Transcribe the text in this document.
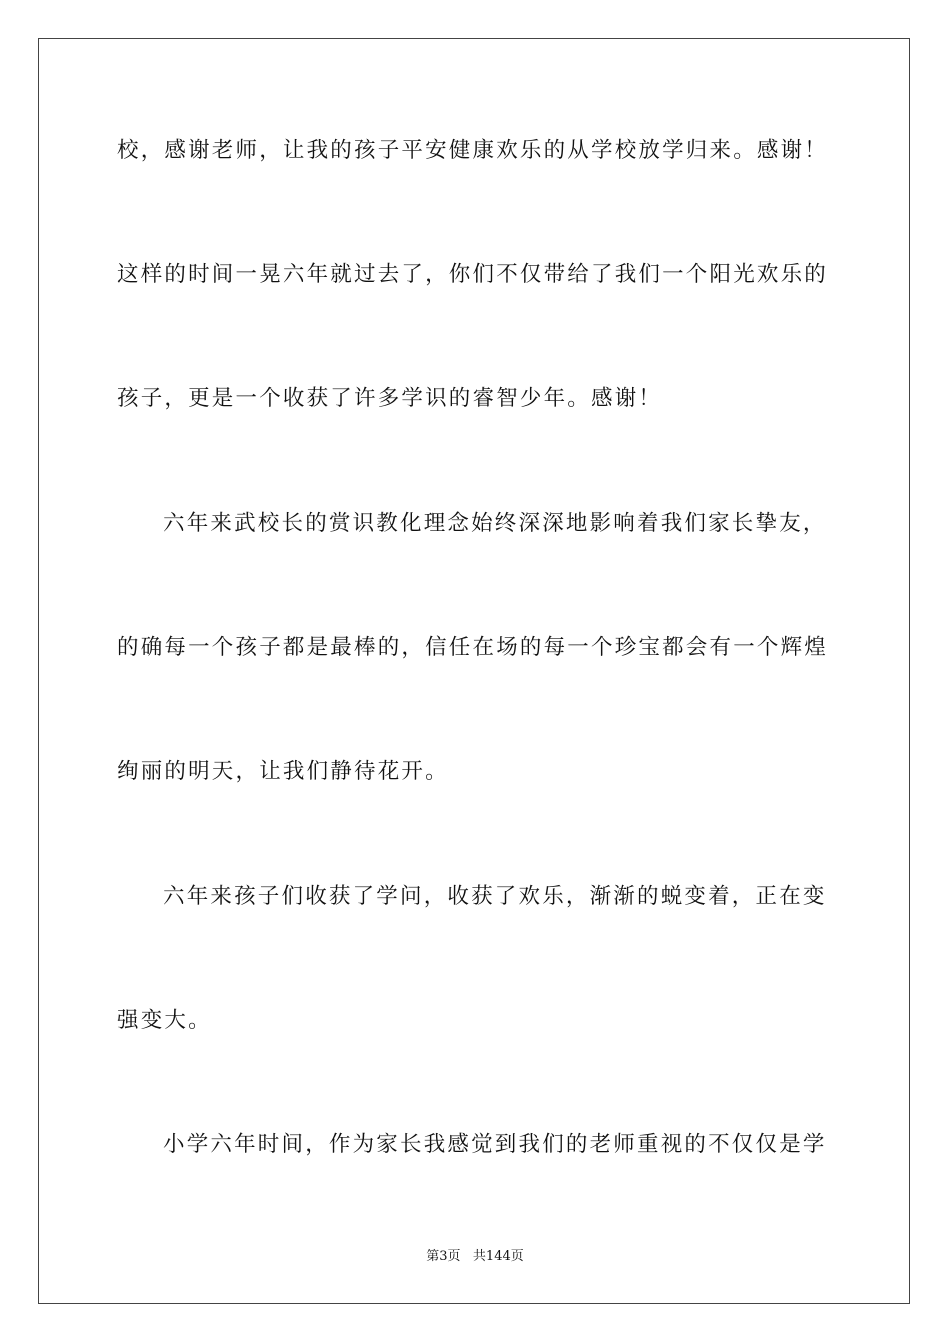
校，感谢老师，让我的孩子平安健康欢乐的从学校放学归来。感谢！
这样的时间一晃六年就过去了，你们不仅带给了我们一个阳光欢乐的
孩子，更是一个收获了许多学识的睿智少年。感谢！
六年来武校长的赏识教化理念始终深深地影响着我们家长挚友，
的确每一个孩子都是最棒的，信任在场的每一个珍宝都会有一个辉煌
绚丽的明天，让我们静待花开。
六年来孩子们收获了学问，收获了欢乐，渐渐的蜕变着，正在变
强变大。
小学六年时间，作为家长我感觉到我们的老师重视的不仅仅是学
第3页   共144页
